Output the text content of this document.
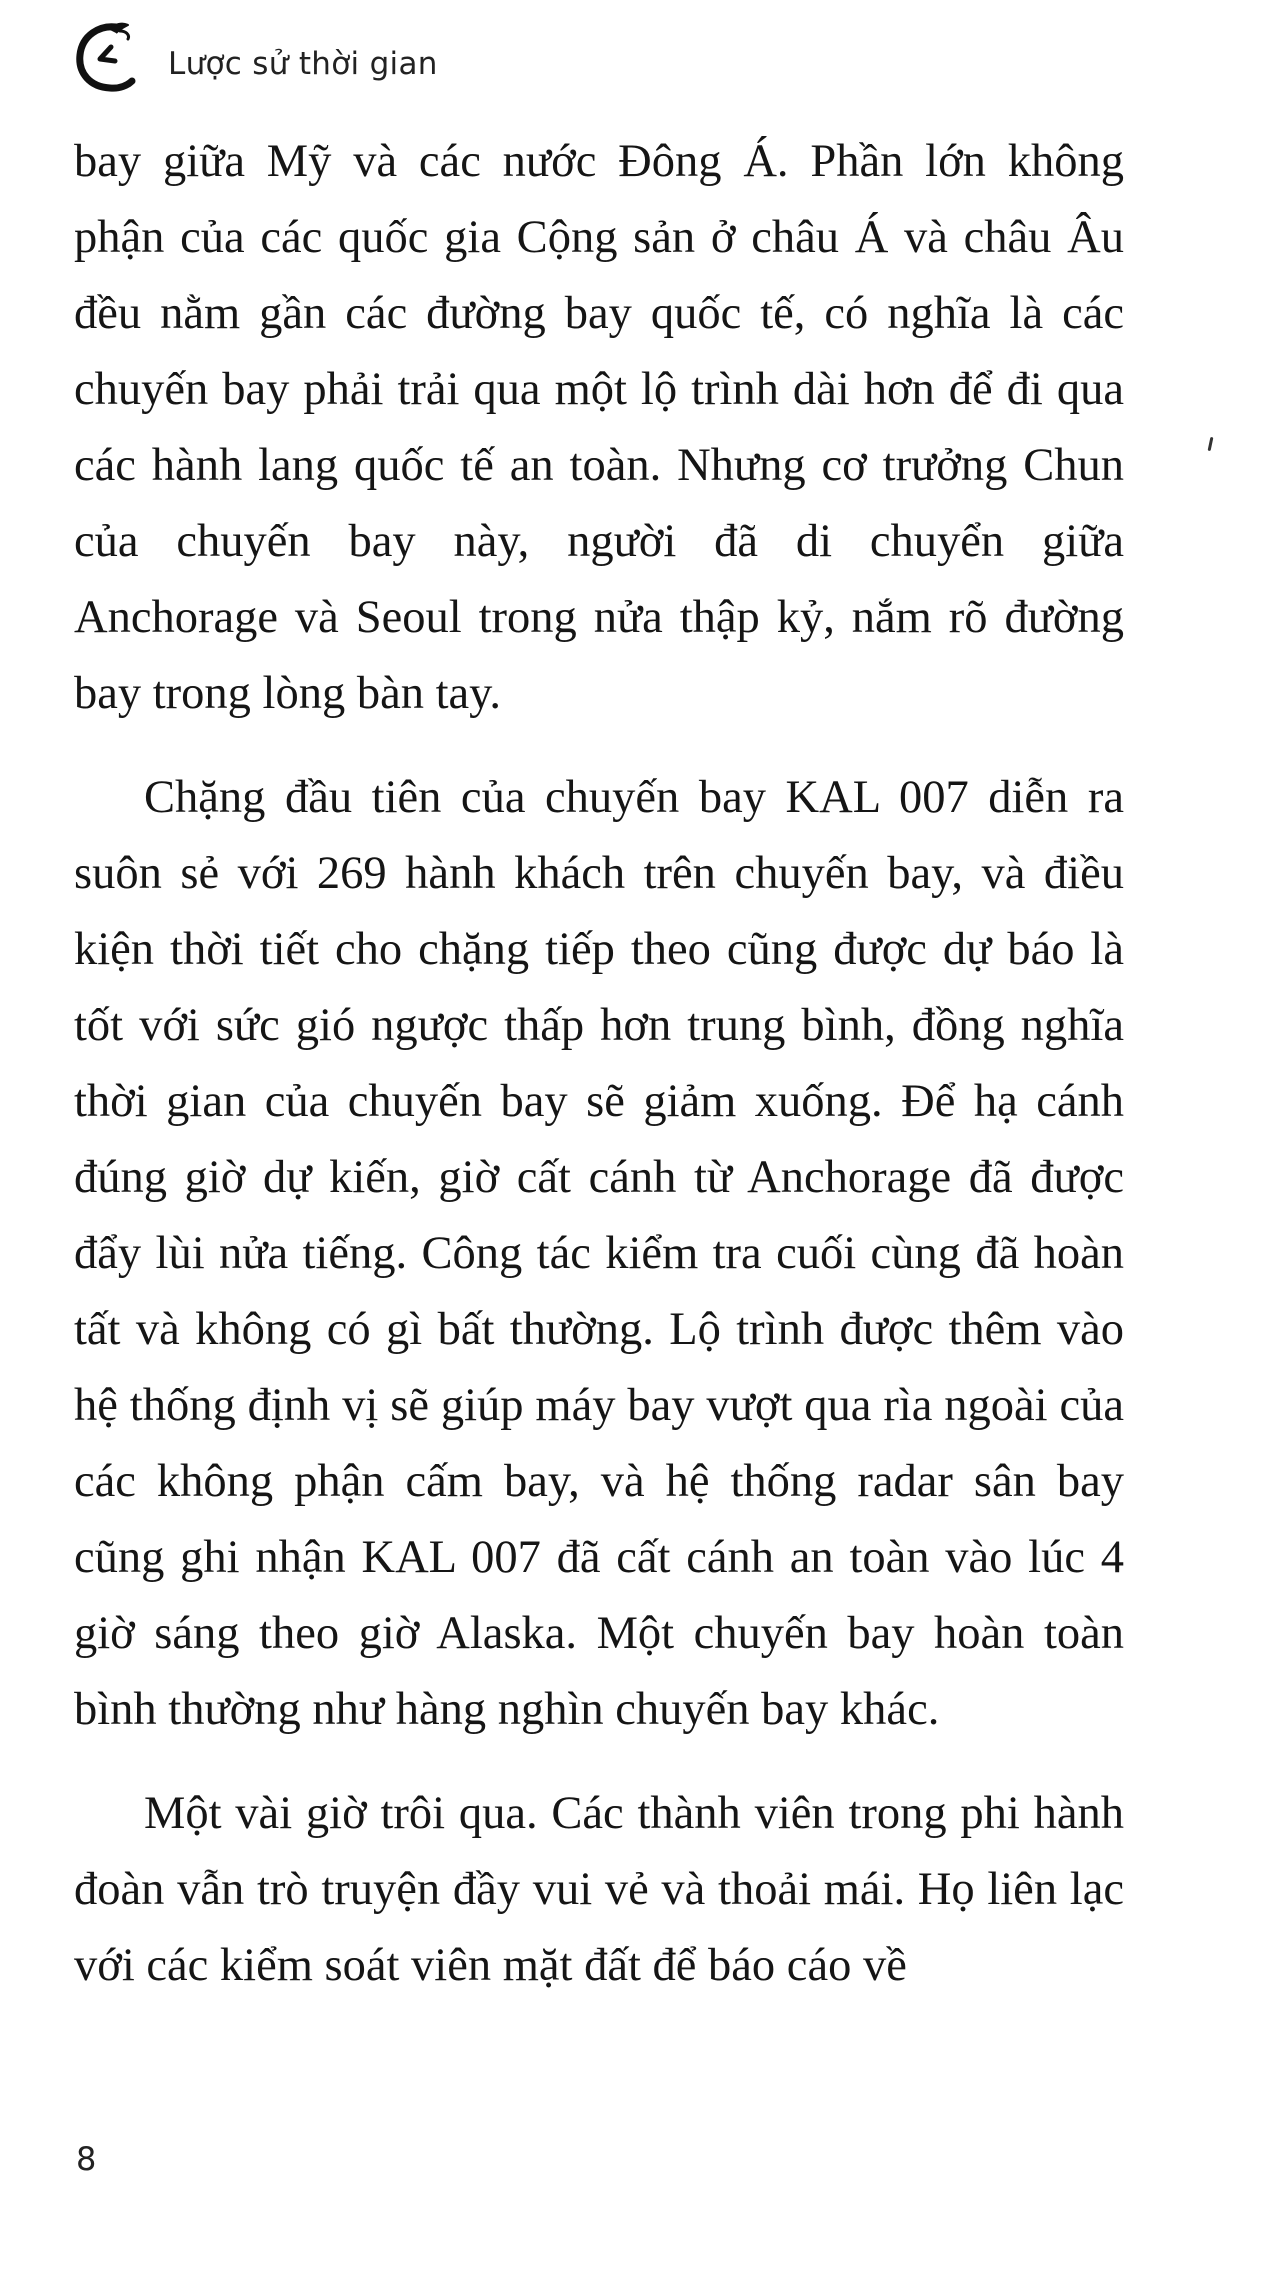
Lược sử thời gian

bay giữa Mỹ và các nước Đông Á. Phần lớn không phận của các quốc gia Cộng sản ở châu Á và châu Âu đều nằm gần các đường bay quốc tế, có nghĩa là các chuyến bay phải trải qua một lộ trình dài hơn để đi qua các hành lang quốc tế an toàn. Nhưng cơ trưởng Chun của chuyến bay này, người đã di chuyển giữa Anchorage và Seoul trong nửa thập kỷ, nắm rõ đường bay trong lòng bàn tay.

Chặng đầu tiên của chuyến bay KAL 007 diễn ra suôn sẻ với 269 hành khách trên chuyến bay, và điều kiện thời tiết cho chặng tiếp theo cũng được dự báo là tốt với sức gió ngược thấp hơn trung bình, đồng nghĩa thời gian của chuyến bay sẽ giảm xuống. Để hạ cánh đúng giờ dự kiến, giờ cất cánh từ Anchorage đã được đẩy lùi nửa tiếng. Công tác kiểm tra cuối cùng đã hoàn tất và không có gì bất thường. Lộ trình được thêm vào hệ thống định vị sẽ giúp máy bay vượt qua rìa ngoài của các không phận cấm bay, và hệ thống radar sân bay cũng ghi nhận KAL 007 đã cất cánh an toàn vào lúc 4 giờ sáng theo giờ Alaska. Một chuyến bay hoàn toàn bình thường như hàng nghìn chuyến bay khác.

Một vài giờ trôi qua. Các thành viên trong phi hành đoàn vẫn trò truyện đầy vui vẻ và thoải mái. Họ liên lạc với các kiểm soát viên mặt đất để báo cáo về

8
